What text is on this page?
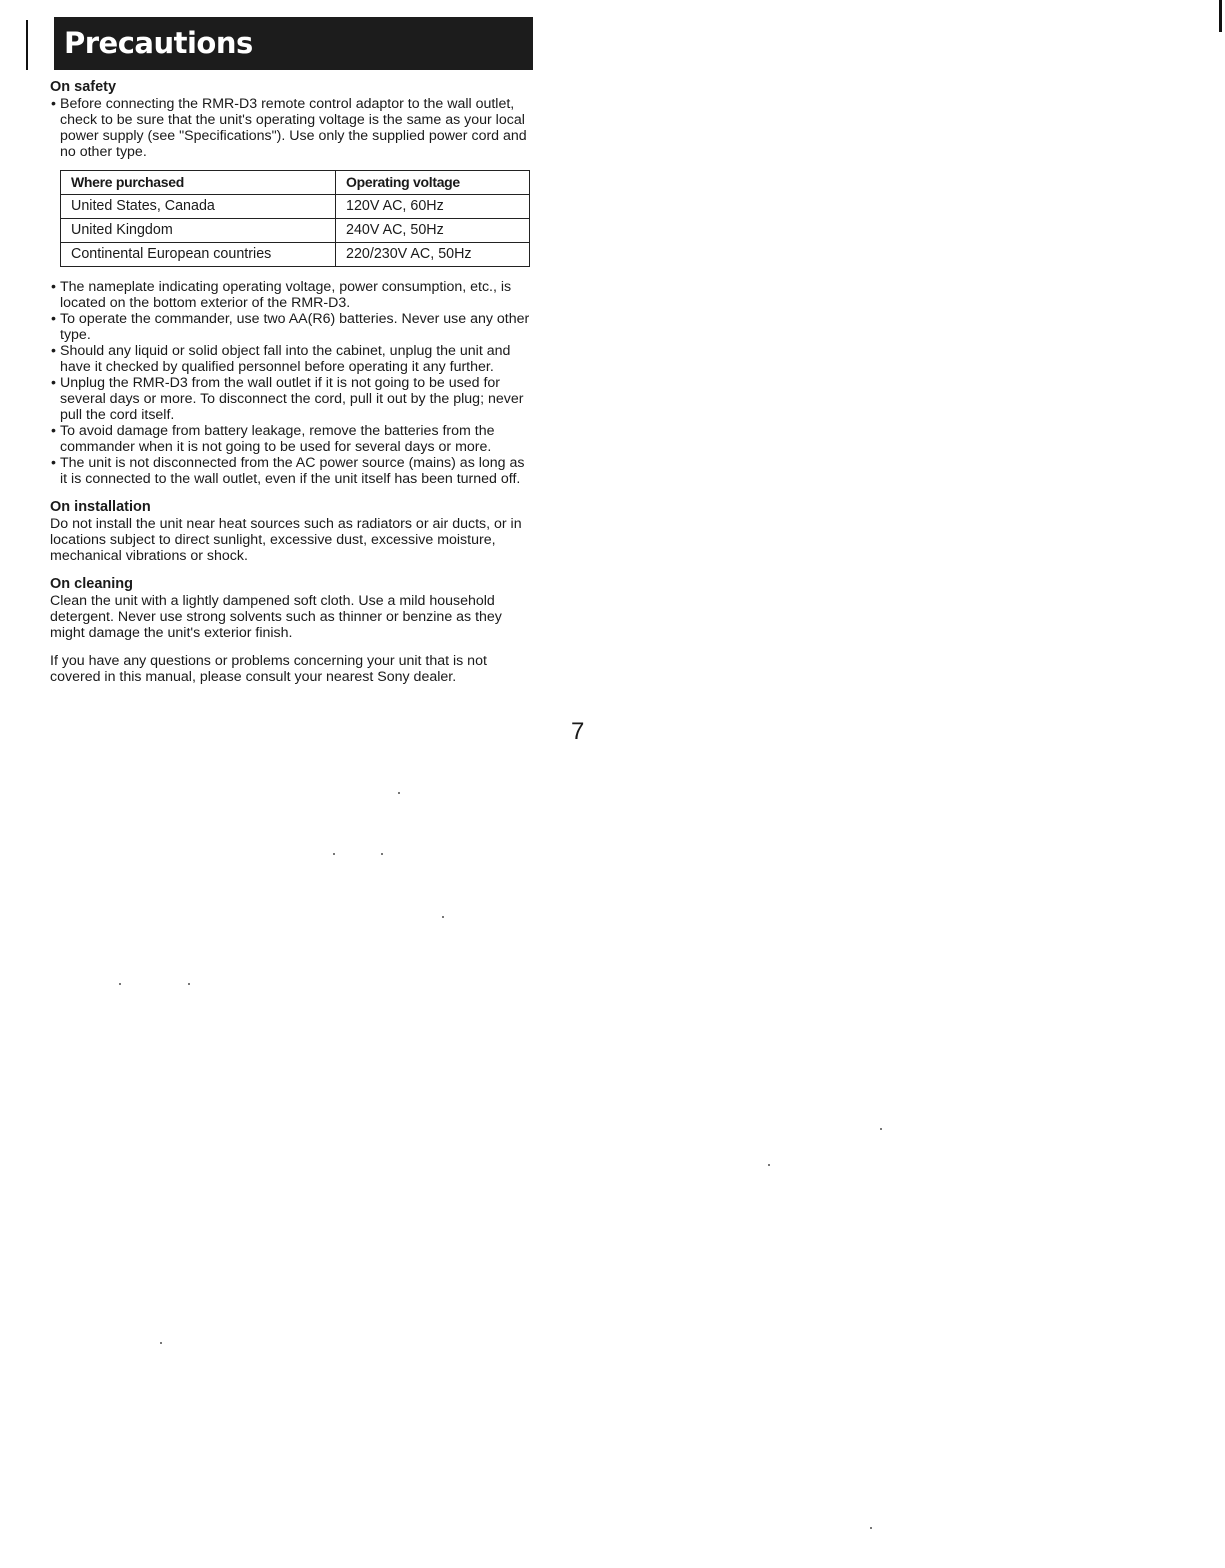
Precautions
On safety
• Before connecting the RMR-D3 remote control adaptor to the wall outlet, check to be sure that the unit's operating voltage is the same as your local power supply (see "Specifications"). Use only the supplied power cord and no other type.
Where purchased	Operating voltage
United States, Canada	120V AC, 60Hz
United Kingdom	240V AC, 50Hz
Continental European countries	220/230V AC, 50Hz
• The nameplate indicating operating voltage, power consumption, etc., is located on the bottom exterior of the RMR-D3.
• To operate the commander, use two AA(R6) batteries. Never use any other type.
• Should any liquid or solid object fall into the cabinet, unplug the unit and have it checked by qualified personnel before operating it any further.
• Unplug the RMR-D3 from the wall outlet if it is not going to be used for several days or more. To disconnect the cord, pull it out by the plug; never pull the cord itself.
• To avoid damage from battery leakage, remove the batteries from the commander when it is not going to be used for several days or more.
• The unit is not disconnected from the AC power source (mains) as long as it is connected to the wall outlet, even if the unit itself has been turned off.
On installation

Do not install the unit near heat sources such as radiators or air ducts, or in locations subject to direct sunlight, excessive dust, excessive moisture, mechanical vibrations or shock.

On cleaning

Clean the unit with a lightly dampened soft cloth. Use a mild household detergent. Never use strong solvents such as thinner or benzine as they might damage the unit's exterior finish.

If you have any questions or problems concerning your unit that is not covered in this manual, please consult your nearest Sony dealer.

7
